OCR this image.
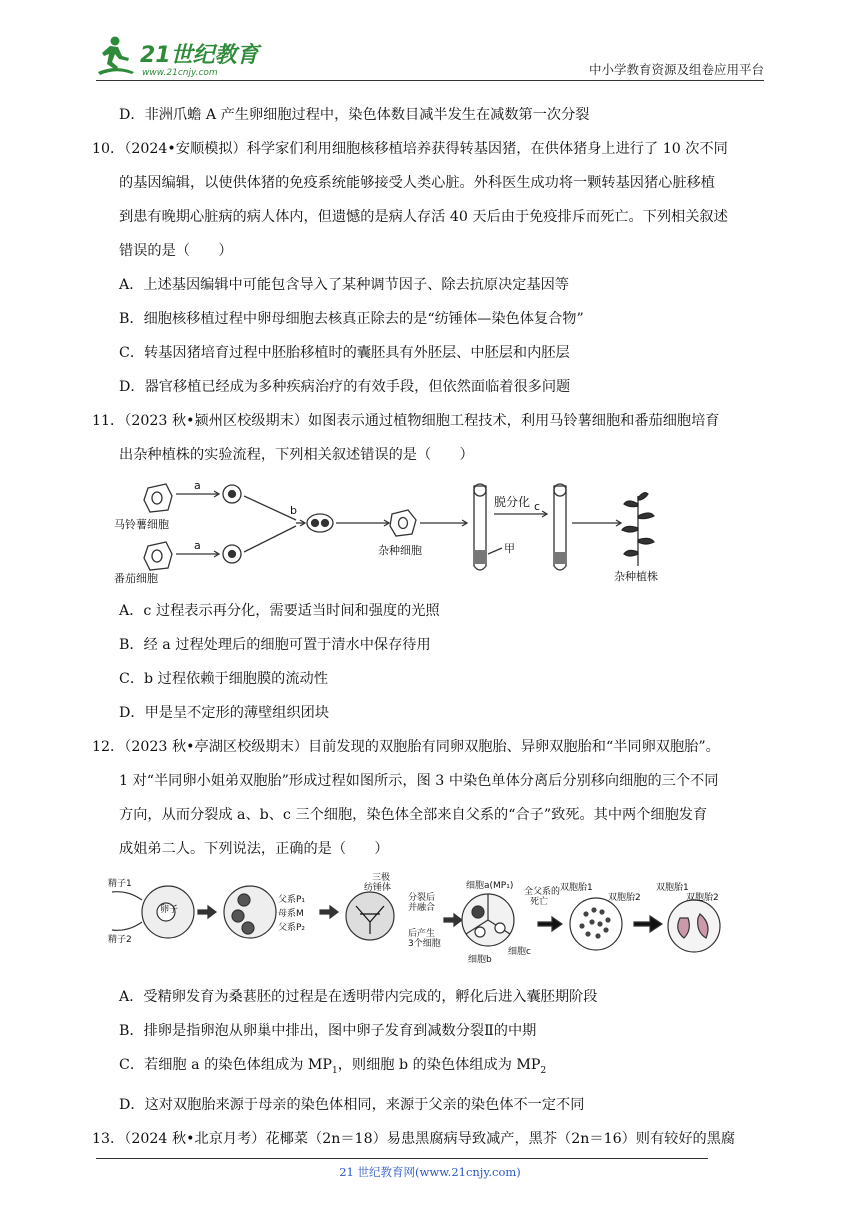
21世纪教育
www.21cnjy.com	中小学教育资源及组卷应用平台
D．非洲爪蟾 A 产生卵细胞过程中，染色体数目减半发生在减数第一次分裂
10．（2024•安顺模拟）科学家们利用细胞核移植培养获得转基因猪，在供体猪身上进行了 10 次不同
的基因编辑，以使供体猪的免疫系统能够接受人类心脏。外科医生成功将一颗转基因猪心脏移植
到患有晚期心脏病的病人体内，但遗憾的是病人存活 40 天后由于免疫排斥而死亡。下列相关叙述
错误的是（　　）
A．上述基因编辑中可能包含导入了某种调节因子、除去抗原决定基因等
B．细胞核移植过程中卵母细胞去核真正除去的是“纺锤体—染色体复合物”
C．转基因猪培育过程中胚胎移植时的囊胚具有外胚层、中胚层和内胚层
D．器官移植已经成为多种疾病治疗的有效手段，但依然面临着很多问题
11．（2023 秋•颍州区校级期末）如图表示通过植物细胞工程技术，利用马铃薯细胞和番茄细胞培育
出杂种植株的实验流程，下列相关叙述错误的是（　　）
马铃薯细胞
番茄细胞
a
a
b
杂种细胞
脱分化
甲
c
杂种植株
A．c 过程表示再分化，需要适当时间和强度的光照
B．经 a 过程处理后的细胞可置于清水中保存待用
C．b 过程依赖于细胞膜的流动性
D．甲是呈不定形的薄壁组织团块
12．（2023 秋•亭湖区校级期末）目前发现的双胞胎有同卵双胞胎、异卵双胞胎和“半同卵双胞胎”。
1 对“半同卵小姐弟双胞胎”形成过程如图所示，图 3 中染色单体分离后分别移向细胞的三个不同
方向，从而分裂成 a、b、c 三个细胞，染色体全部来自父系的“合子”致死。其中两个细胞发育
成姐弟二人。下列说法，正确的是（　　）
精子1
精子2
卵子
父系P₁
母系M
父系P₂
三极
纺锤体
分裂后
并融合
后产生
3个细胞
细胞a(MP₁)
全父系的
死亡
细胞b
细胞c
双胞胎1
双胞胎2
双胞胎1
双胞胎2
A．受精卵发育为桑葚胚的过程是在透明带内完成的，孵化后进入囊胚期阶段
B．排卵是指卵泡从卵巢中排出，图中卵子发育到减数分裂Ⅱ的中期
C．若细胞 a 的染色体组成为 $MP_1$，则细胞 b 的染色体组成为 $MP_2$
D．这对双胞胎来源于母亲的染色体相同，来源于父亲的染色体不一定不同
13．（2024 秋•北京月考）花椰菜（2n＝18）易患黑腐病导致减产，黑芥（2n＝16）则有较好的黑腐
21 世纪教育网(www.21cnjy.com)
